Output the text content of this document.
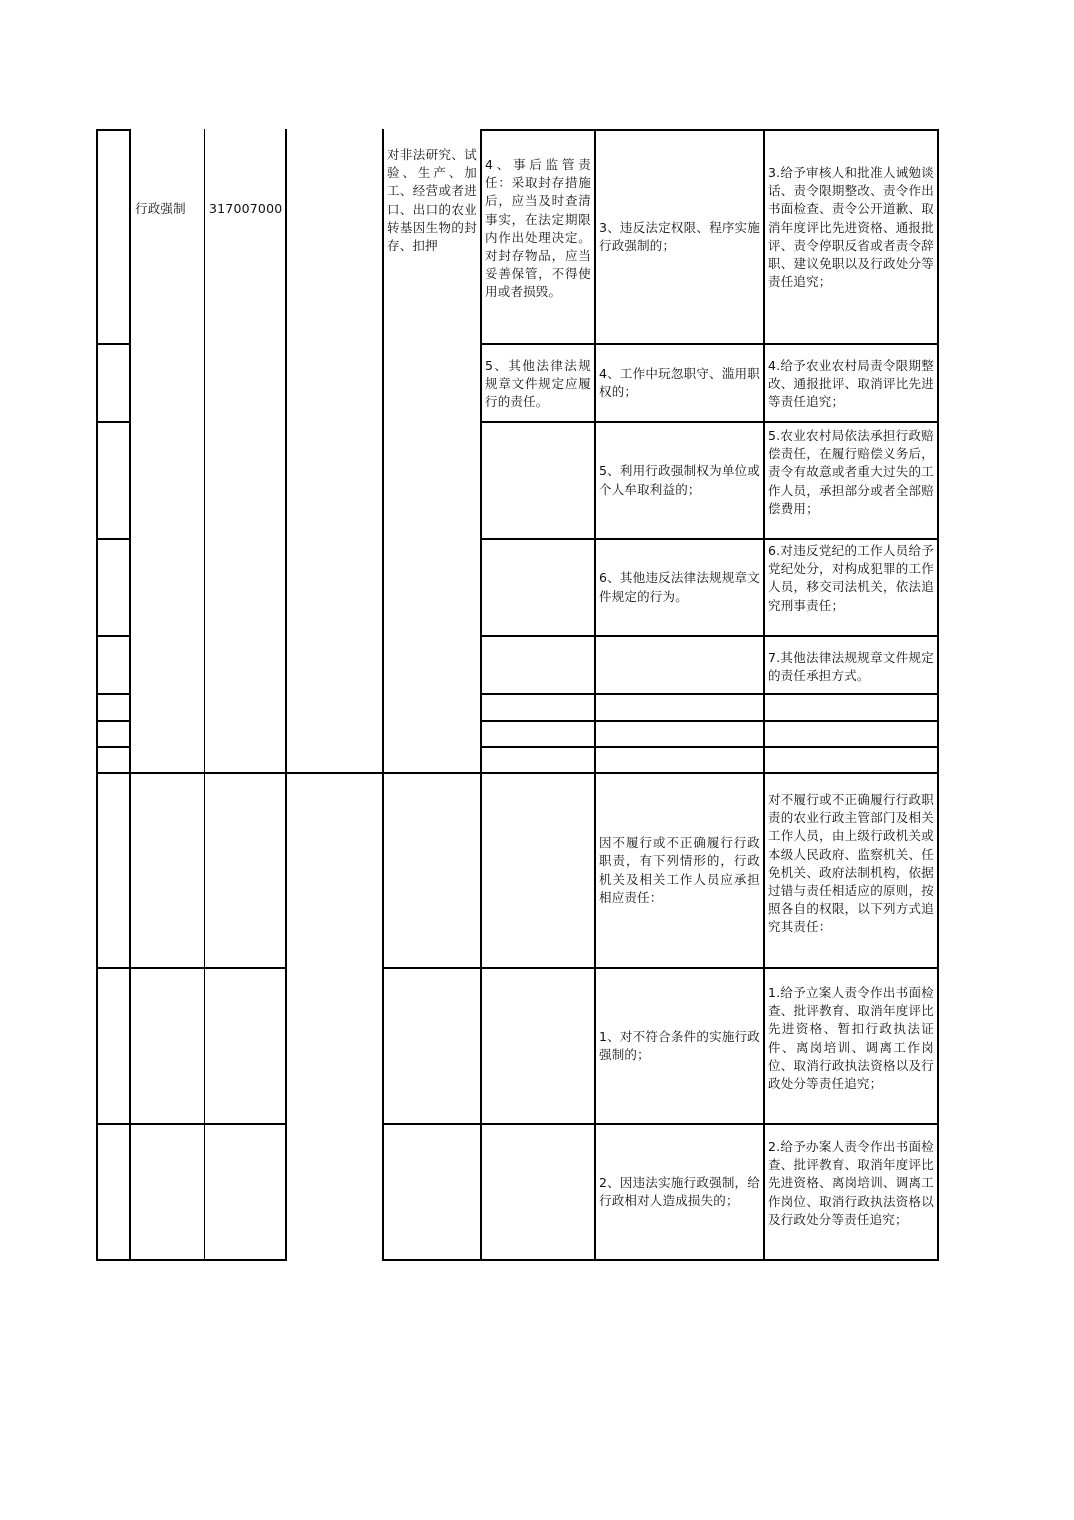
行政强制	317007000
对非法研究、试验、生产、加工、经营或者进口、出口的农业转基因生物的封存、扣押
4、事后监管责任：采取封存措施后，应当及时查清事实，在法定期限内作出处理决定。对封存物品，应当妥善保管，不得使用或者损毁。
5、其他法律法规规章文件规定应履行的责任。
3、违反法定权限、程序实施行政强制的；
4、工作中玩忽职守、滥用职权的；
5、利用行政强制权为单位或个人牟取利益的；
6、其他违反法律法规规章文件规定的行为。
3.给予审核人和批准人诫勉谈话、责令限期整改、责令作出书面检查、责令公开道歉、取消年度评比先进资格、通报批评、责令停职反省或者责令辞职、建议免职以及行政处分等责任追究；
4.给予农业农村局责令限期整改、通报批评、取消评比先进等责任追究；
5.农业农村局依法承担行政赔偿责任，在履行赔偿义务后，责令有故意或者重大过失的工作人员，承担部分或者全部赔偿费用；
6.对违反党纪的工作人员给予党纪处分，对构成犯罪的工作人员，移交司法机关，依法追究刑事责任；
7.其他法律法规规章文件规定的责任承担方式。
因不履行或不正确履行行政职责，有下列情形的，行政机关及相关工作人员应承担相应责任：
1、对不符合条件的实施行政强制的；
2、因违法实施行政强制，给行政相对人造成损失的；
对不履行或不正确履行行政职责的农业行政主管部门及相关工作人员，由上级行政机关或本级人民政府、监察机关、任免机关、政府法制机构，依据过错与责任相适应的原则，按照各自的权限，以下列方式追究其责任：
1.给予立案人责令作出书面检查、批评教育、取消年度评比先进资格、暂扣行政执法证件、离岗培训、调离工作岗位、取消行政执法资格以及行政处分等责任追究；
2.给予办案人责令作出书面检查、批评教育、取消年度评比先进资格、离岗培训、调离工作岗位、取消行政执法资格以及行政处分等责任追究；
